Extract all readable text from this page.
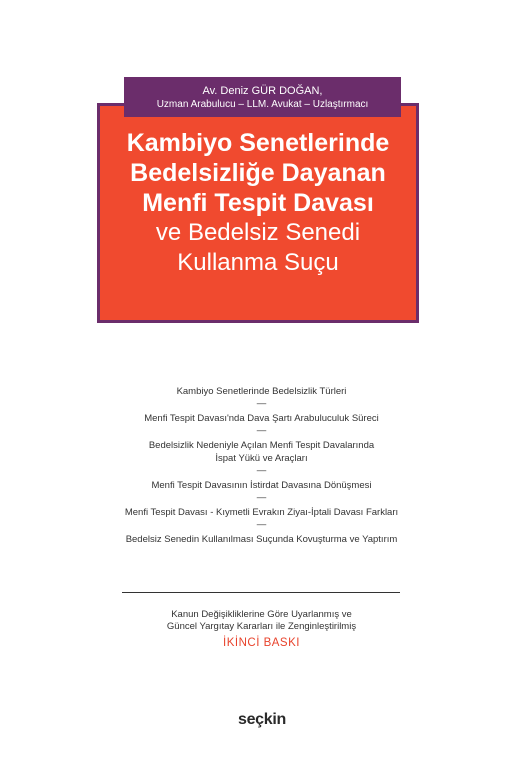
Av. Deniz GÜR DOĞAN,
Uzman Arabulucu – LLM. Avukat – Uzlaştırmacı
Kambiyo Senetlerinde
Bedelsizliğe Dayanan
Menfi Tespit Davası
ve Bedelsiz Senedi
Kullanma Suçu

Kambiyo Senetlerinde Bedelsizlik Türleri

—

Menfi Tespit Davası'nda Dava Şartı Arabuluculuk Süreci

—

Bedelsizlik Nedeniyle Açılan Menfi Tespit Davalarında
İspat Yükü ve Araçları

—

Menfi Tespit Davasının İstirdat Davasına Dönüşmesi

—

Menfi Tespit Davası - Kıymetli Evrakın Ziyaı-İptali Davası Farkları

—

Bedelsiz Senedin Kullanılması Suçunda Kovuşturma ve Yaptırım

Kanun Değişikliklerine Göre Uyarlanmış ve
Güncel Yargıtay Kararları ile Zenginleştirilmiş
İKİNCİ BASKI
seçkin
